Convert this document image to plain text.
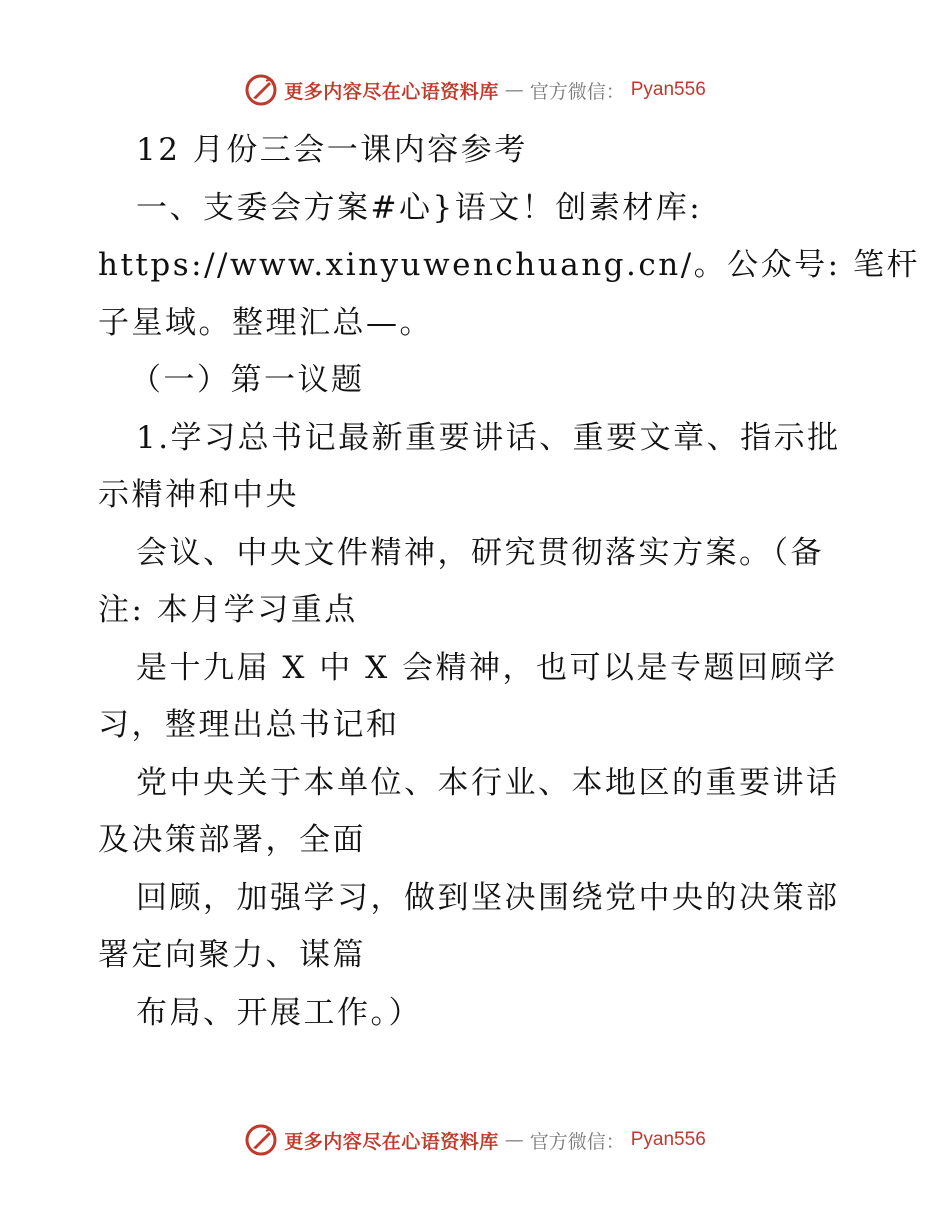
更多内容尽在心语资料库 — 官方微信： Pyan556
12 月份三会一课内容参考
一、支委会方案#心}语文！创素材库:
https://www.xinyuwenchuang.cn/。公众号: 笔杆
子星域。整理汇总—。
（一）第一议题
1.学习总书记最新重要讲话、重要文章、指示批
示精神和中央
会议、中央文件精神，研究贯彻落实方案。（备
注: 本月学习重点
是十九届 X 中 X 会精神，也可以是专题回顾学
习，整理出总书记和
党中央关于本单位、本行业、本地区的重要讲话
及决策部署，全面
回顾，加强学习，做到坚决围绕党中央的决策部
署定向聚力、谋篇
布局、开展工作。）
更多内容尽在心语资料库 — 官方微信： Pyan556
